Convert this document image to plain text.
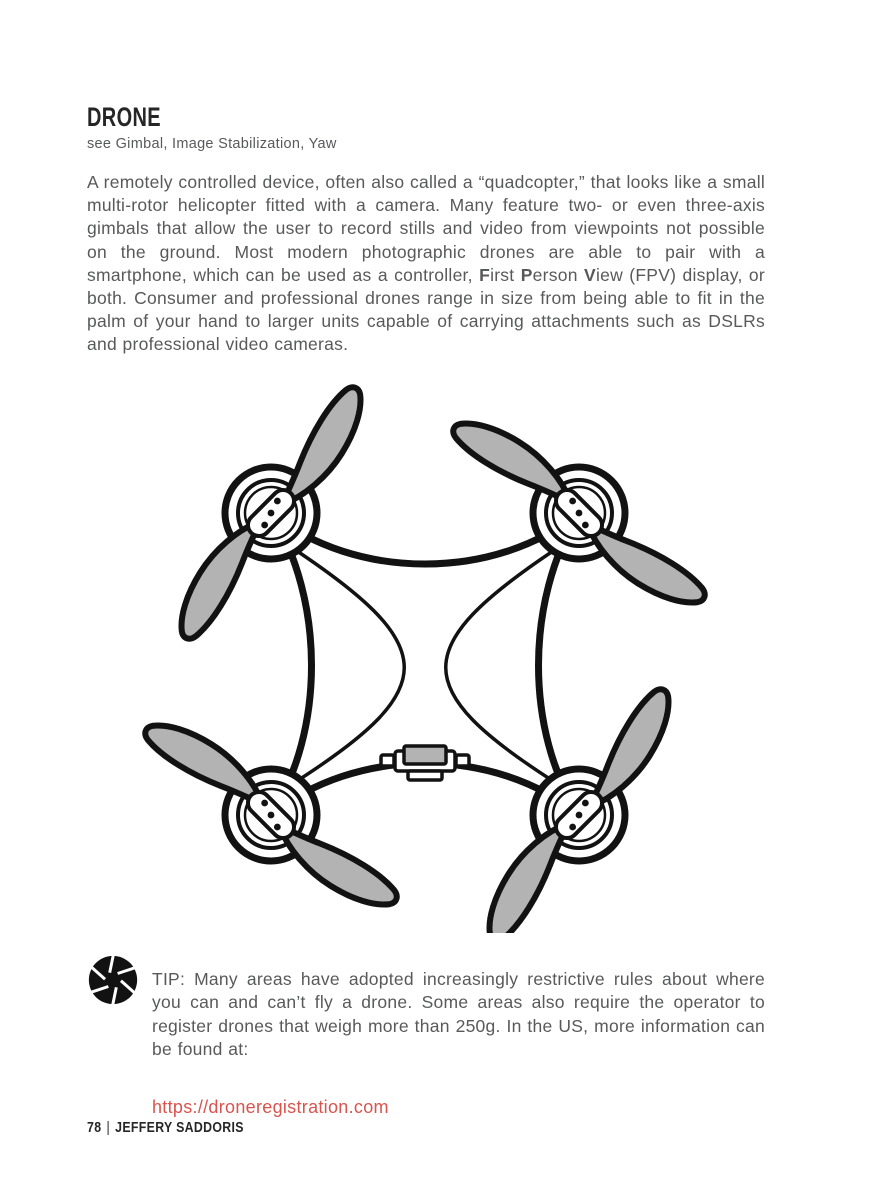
DRONE
see Gimbal, Image Stabilization, Yaw

A remotely controlled device, often also called a “quadcopter,” that looks like a small multi-rotor helicopter fitted with a camera. Many feature two- or even three-axis gimbals that allow the user to record stills and video from viewpoints not possible on the ground. Most modern photographic drones are able to pair with a smartphone, which can be used as a controller, First Person View (FPV) display, or both. Consumer and professional drones range in size from being able to fit in the palm of your hand to larger units capable of carrying attachments such as DSLRs and professional video cameras.

TIP: Many areas have adopted increasingly restrictive rules about where you can and can’t fly a drone. Some areas also require the operator to register drones that weigh more than 250g. In the US, more information can be found at:

https://droneregistration.com
78 | JEFFERY SADDORIS
